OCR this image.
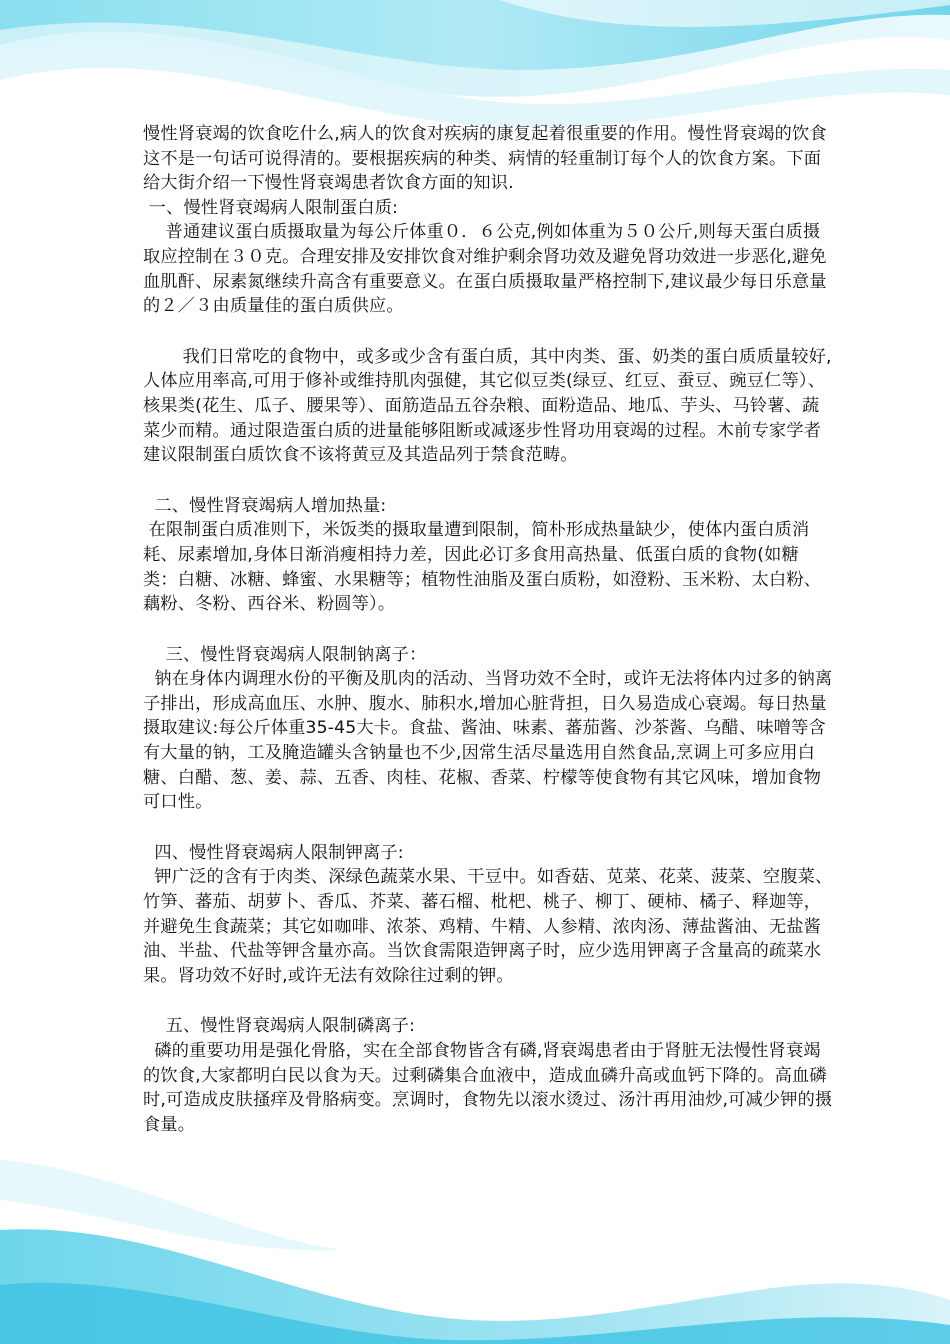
慢性肾衰竭的饮食吃什么,病人的饮食对疾病的康复起着很重要的作用。慢性肾衰竭的饮食这不是一句话可说得清的。要根据疾病的种类、病情的轻重制订每个人的饮食方案。下面给大街介绍一下慢性肾衰竭患者饮食方面的知识.

一、慢性肾衰竭病人限制蛋白质:

普通建议蛋白质摄取量为每公斤体重０．６公克,例如体重为５０公斤,则每天蛋白质摄取应控制在３０克。合理安排及安排饮食对维护剩余肾功效及避免肾功效进一步恶化,避免血肌酐、尿素氮继续升高含有重要意义。在蛋白质摄取量严格控制下,建议最少每日乐意量的２／３由质量佳的蛋白质供应。

我们日常吃的食物中，或多或少含有蛋白质，其中肉类、蛋、奶类的蛋白质质量较好,人体应用率高,可用于修补或维持肌肉强健，其它似豆类(绿豆、红豆、蚕豆、豌豆仁等）、核果类(花生、瓜子、腰果等）、面筋造品五谷杂粮、面粉造品、地瓜、芋头、马铃薯、蔬菜少而精。通过限造蛋白质的进量能够阻断或减逐步性肾功用衰竭的过程。木前专家学者建议限制蛋白质饮食不该将黄豆及其造品列于禁食范畴。

二、慢性肾衰竭病人增加热量:

在限制蛋白质准则下，米饭类的摄取量遭到限制，简朴形成热量缺少，使体内蛋白质消耗、尿素增加,身体日渐消瘦相持力差，因此必订多食用高热量、低蛋白质的食物(如糖类：白糖、冰糖、蜂蜜、水果糖等；植物性油脂及蛋白质粉，如澄粉、玉米粉、太白粉、藕粉、冬粉、西谷米、粉圆等）。

三、慢性肾衰竭病人限制钠离子：

钠在身体内调理水份的平衡及肌肉的活动、当肾功效不全时，或许无法将体内过多的钠离子排出，形成高血压、水肿、腹水、肺积水,增加心脏背担，日久易造成心衰竭。每日热量摄取建议:每公斤体重35-45大卡。食盐、酱油、味素、蕃茄酱、沙茶酱、乌醋、味噌等含有大量的钠，工及腌造罐头含钠量也不少,因常生活尽量选用自然食品,烹调上可多应用白糖、白醋、葱、姜、蒜、五香、肉桂、花椒、香菜、柠檬等使食物有其它风味，增加食物可口性。

四、慢性肾衰竭病人限制钾离子:

钾广泛的含有于肉类、深绿色蔬菜水果、干豆中。如香菇、苋菜、花菜、菠菜、空腹菜、竹笋、蕃茄、胡萝卜、香瓜、芥菜、蕃石榴、枇杷、桃子、柳丁、硬柿、橘子、释迦等，并避免生食蔬菜；其它如咖啡、浓茶、鸡精、牛精、人参精、浓肉汤、薄盐酱油、无盐酱油、半盐、代盐等钾含量亦高。当饮食需限造钾离子时，应少选用钾离子含量高的疏菜水果。肾功效不好时,或许无法有效除往过剩的钾。

五、慢性肾衰竭病人限制磷离子:

磷的重要功用是强化骨胳，实在全部食物皆含有磷,肾衰竭患者由于肾脏无法慢性肾衰竭的饮食,大家都明白民以食为天。过剩磷集合血液中，造成血磷升高或血钙下降的。高血磷时,可造成皮肤搔痒及骨胳病变。烹调时，食物先以滚水烫过、汤汁再用油炒,可减少钾的摄食量。
